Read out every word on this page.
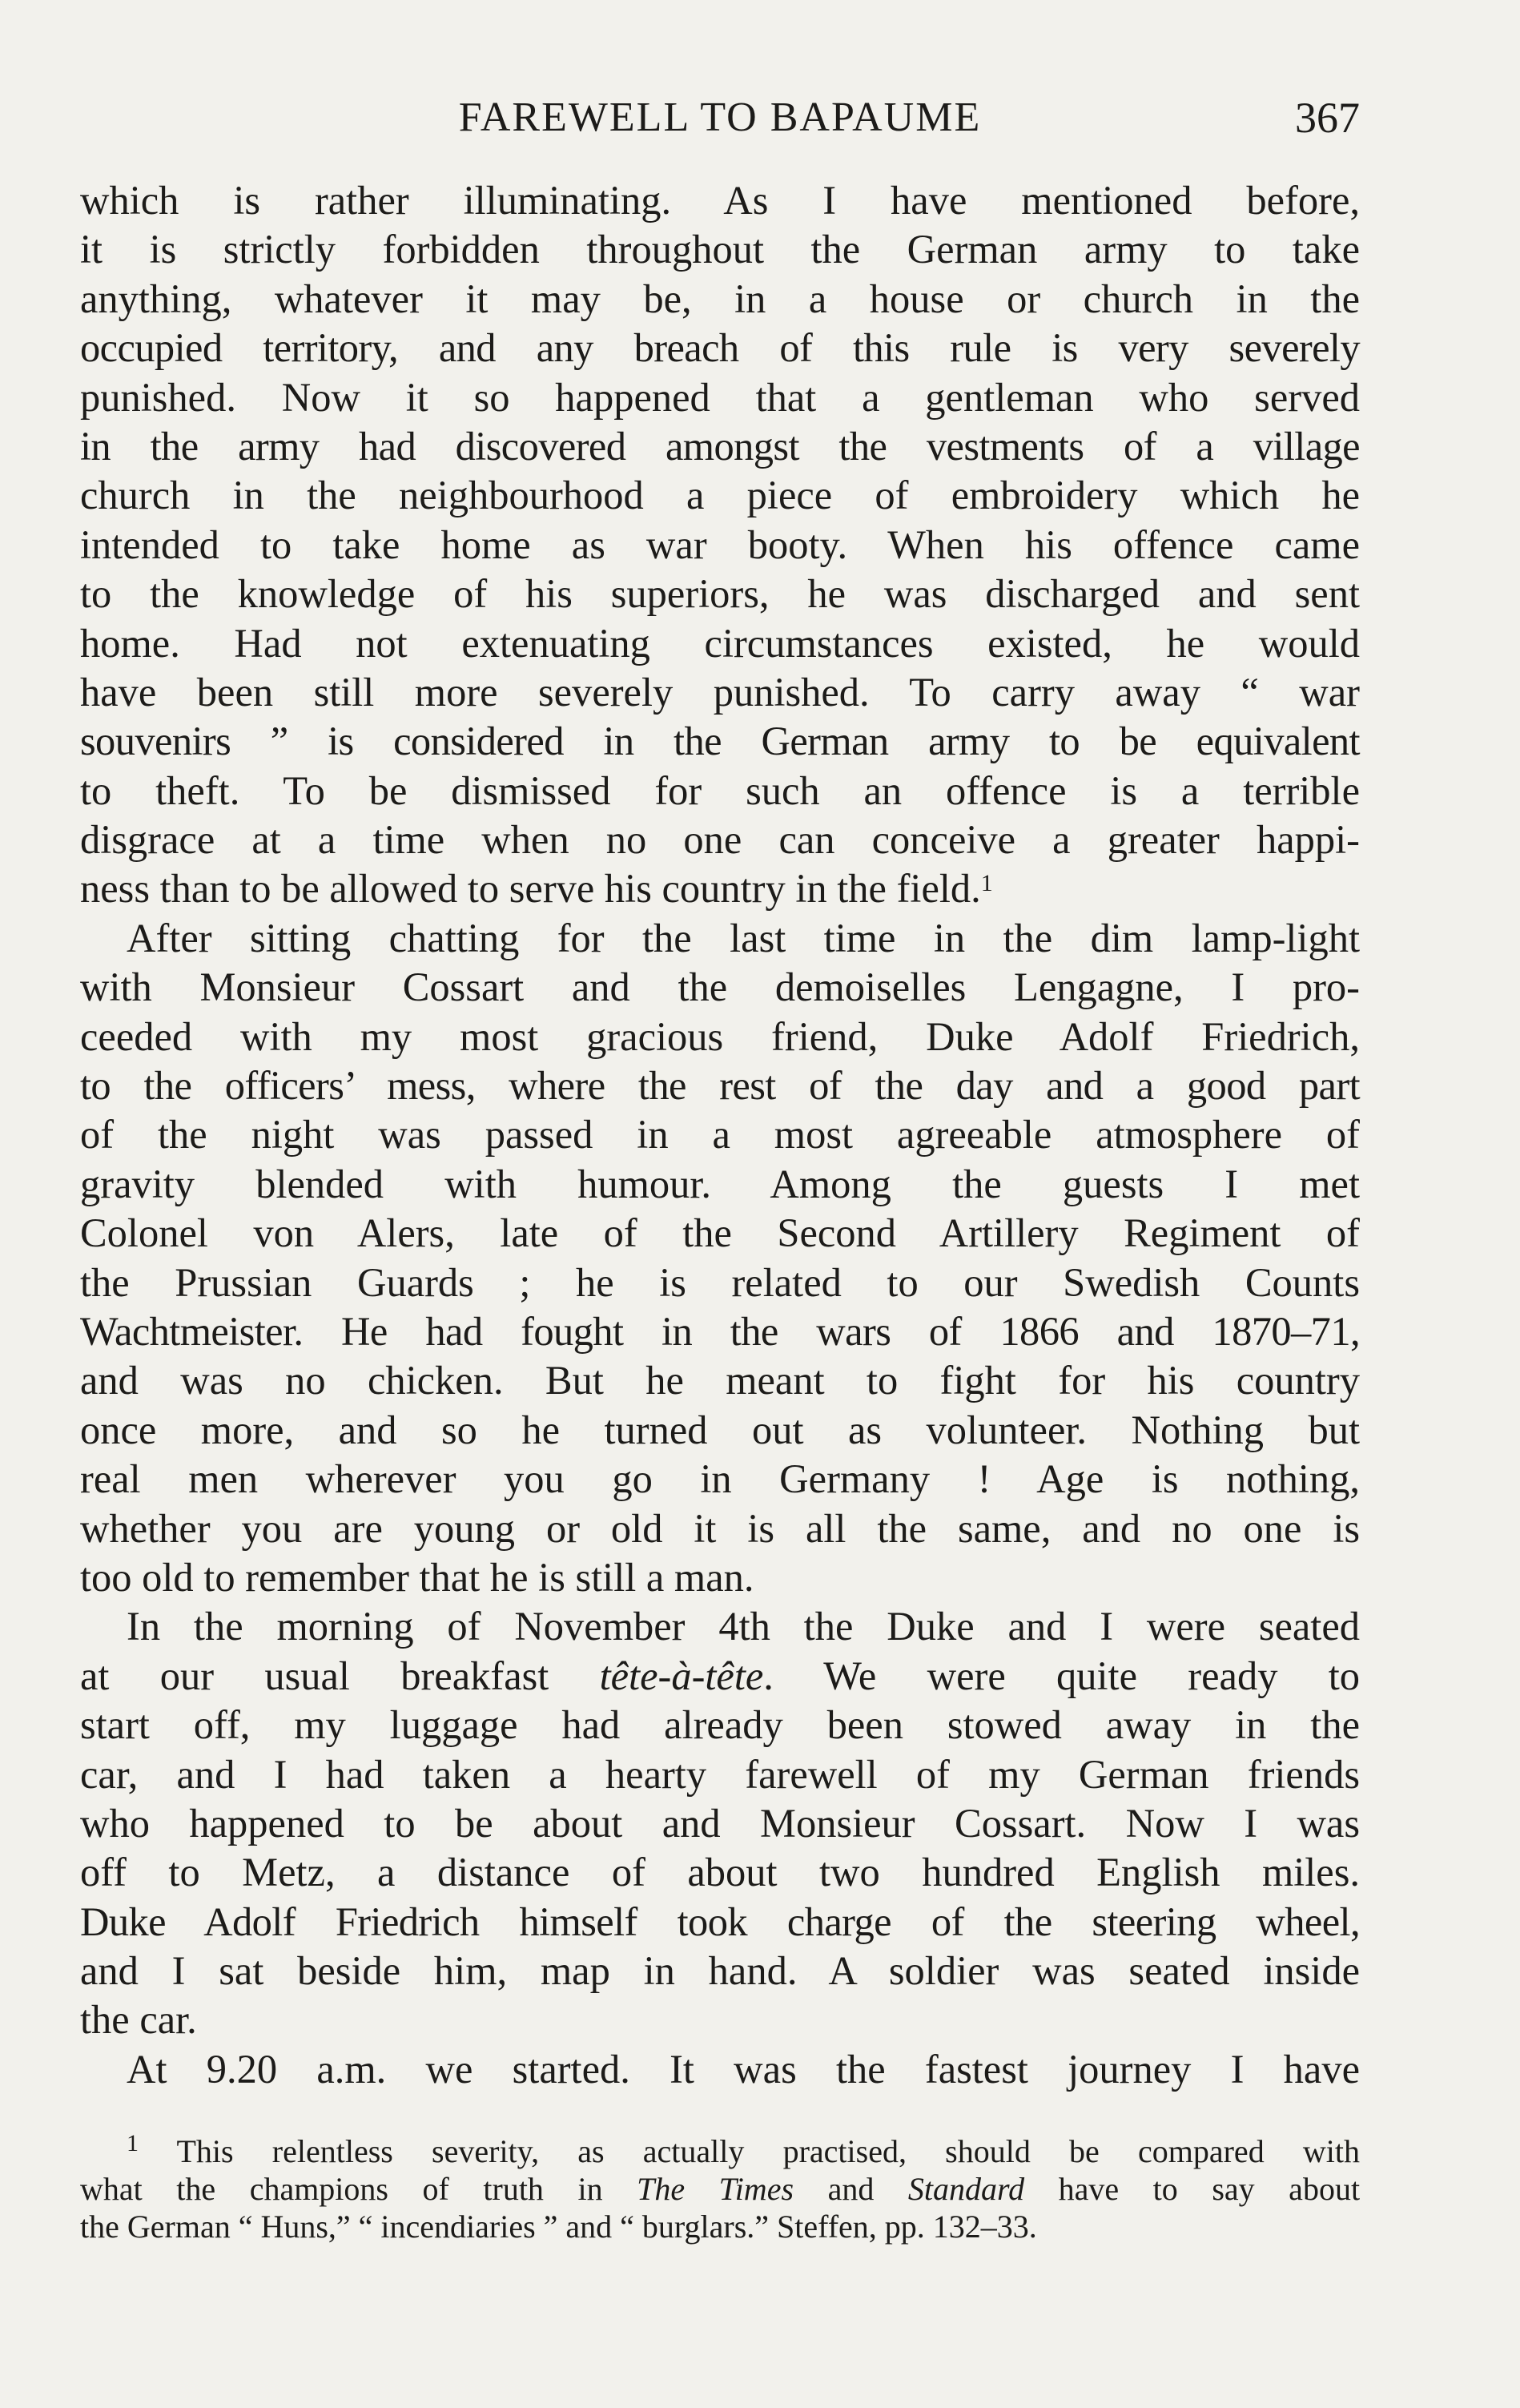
FAREWELL TO BAPAUME	367
which is rather illuminating. As I have mentioned before,
it is strictly forbidden throughout the German army to take
anything, whatever it may be, in a house or church in the
occupied territory, and any breach of this rule is very severely
punished. Now it so happened that a gentleman who served
in the army had discovered amongst the vestments of a village
church in the neighbourhood a piece of embroidery which he
intended to take home as war booty. When his offence came
to the knowledge of his superiors, he was discharged and sent
home. Had not extenuating circumstances existed, he would
have been still more severely punished. To carry away “ war
souvenirs ” is considered in the German army to be equivalent
to theft. To be dismissed for such an offence is a terrible
disgrace at a time when no one can conceive a greater happi-
ness than to be allowed to serve his country in the field.$^1$
After sitting chatting for the last time in the dim lamp-light
with Monsieur Cossart and the demoiselles Lengagne, I pro-
ceeded with my most gracious friend, Duke Adolf Friedrich,
to the officers’ mess, where the rest of the day and a good part
of the night was passed in a most agreeable atmosphere of
gravity blended with humour. Among the guests I met
Colonel von Alers, late of the Second Artillery Regiment of
the Prussian Guards ; he is related to our Swedish Counts
Wachtmeister. He had fought in the wars of 1866 and 1870–71,
and was no chicken. But he meant to fight for his country
once more, and so he turned out as volunteer. Nothing but
real men wherever you go in Germany ! Age is nothing,
whether you are young or old it is all the same, and no one is
too old to remember that he is still a man.
In the morning of November 4th the Duke and I were seated
at our usual breakfast tête-à-tête. We were quite ready to
start off, my luggage had already been stowed away in the
car, and I had taken a hearty farewell of my German friends
who happened to be about and Monsieur Cossart. Now I was
off to Metz, a distance of about two hundred English miles.
Duke Adolf Friedrich himself took charge of the steering wheel,
and I sat beside him, map in hand. A soldier was seated inside
the car.
At 9.20 a.m. we started. It was the fastest journey I have
$^1$ This relentless severity, as actually practised, should be compared with
what the champions of truth in The Times and Standard have to say about
the German “ Huns,” “ incendiaries ” and “ burglars.” Steffen, pp. 132–33.
